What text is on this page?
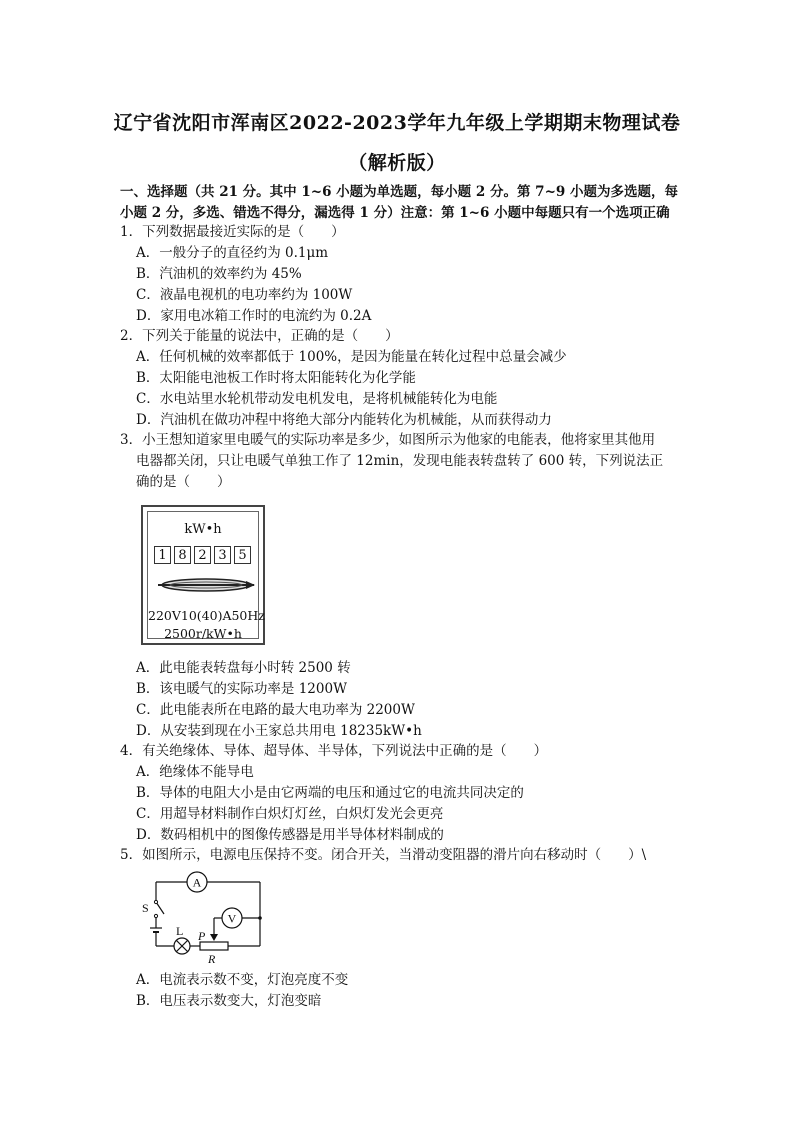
辽宁省沈阳市浑南区2022-2023学年九年级上学期期末物理试卷
（解析版）
一、选择题（共 21 分。其中 1~6 小题为单选题，每小题 2 分。第 7~9 小题为多选题，每
小题 2 分，多选、错选不得分，漏选得 1 分）注意：第 1~6 小题中每题只有一个选项正确
1．下列数据最接近实际的是（　　）
A．一般分子的直径约为 0.1μm
B．汽油机的效率约为 45%
C．液晶电视机的电功率约为 100W
D．家用电冰箱工作时的电流约为 0.2A
2．下列关于能量的说法中，正确的是（　　）
A．任何机械的效率都低于 100%，是因为能量在转化过程中总量会减少
B．太阳能电池板工作时将太阳能转化为化学能
C．水电站里水轮机带动发电机发电，是将机械能转化为电能
D．汽油机在做功冲程中将绝大部分内能转化为机械能，从而获得动力
3．小王想知道家里电暖气的实际功率是多少，如图所示为他家的电能表，他将家里其他用
电器都关闭，只让电暖气单独工作了 12min，发现电能表转盘转了 600 转，下列说法正
确的是（　　）
kW•h
1 8 2 3 5
220V10(40)A50Hz
2500r/kW•h
A．此电能表转盘每小时转 2500 转
B．该电暖气的实际功率是 1200W
C．此电能表所在电路的最大电功率为 2200W
D．从安装到现在小王家总共用电 18235kW•h
4．有关绝缘体、导体、超导体、半导体，下列说法中正确的是（　　）
A．绝缘体不能导电
B．导体的电阻大小是由它两端的电压和通过它的电流共同决定的
C．用超导材料制作白炽灯灯丝，白炽灯发光会更亮
D．数码相机中的图像传感器是用半导体材料制成的
5．如图所示，电源电压保持不变。闭合开关，当滑动变阻器的滑片向右移动时（　　）\
A
V
S
L P
R
A．电流表示数不变，灯泡亮度不变
B．电压表示数变大，灯泡变暗
